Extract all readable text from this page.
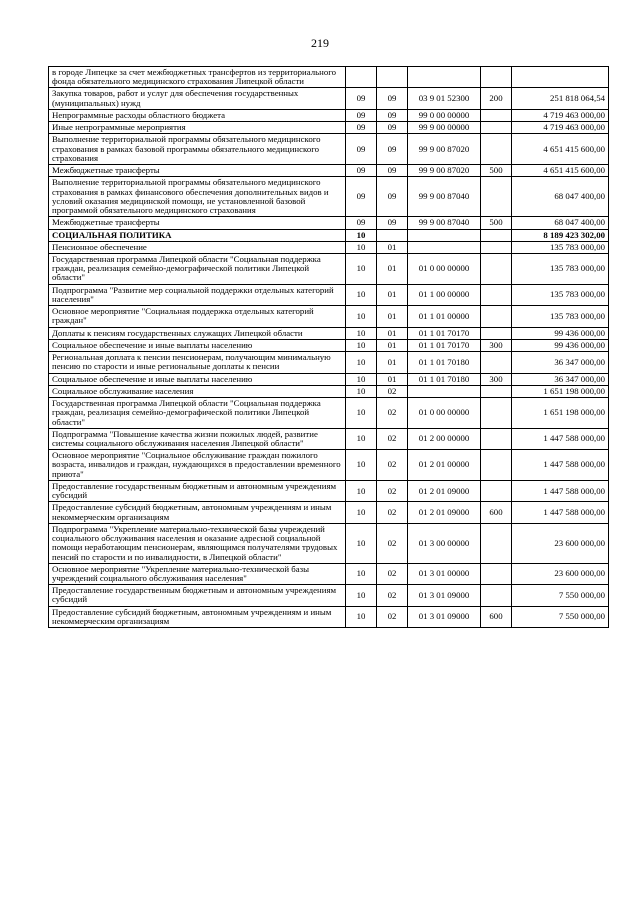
219
в городе Липецке за счет межбюджетных трансфертов из территориального фонда обязательного медицинского страхования Липецкой области					
Закупка товаров, работ и услуг для обеспечения государственных (муниципальных) нужд	09	09	03 9 01 52300	200	251 818 064,54
Непрограммные расходы областного бюджета	09	09	99 0 00 00000		4 719 463 000,00
Иные непрограммные мероприятия	09	09	99 9 00 00000		4 719 463 000,00
Выполнение территориальной программы обязательного медицинского страхования в рамках базовой программы обязательного медицинского страхования	09	09	99 9 00 87020		4 651 415 600,00
Межбюджетные трансферты	09	09	99 9 00 87020	500	4 651 415 600,00
Выполнение территориальной программы обязательного медицинского страхования в рамках финансового обеспечения дополнительных видов и условий оказания медицинской помощи, не установленной базовой программой обязательного медицинского страхования	09	09	99 9 00 87040		68 047 400,00
Межбюджетные трансферты	09	09	99 9 00 87040	500	68 047 400,00
СОЦИАЛЬНАЯ ПОЛИТИКА	10				8 189 423 302,00
Пенсионное обеспечение	10	01			135 783 000,00
Государственная программа Липецкой области "Социальная поддержка граждан, реализация семейно-демографической политики Липецкой области"	10	01	01 0 00 00000		135 783 000,00
Подпрограмма "Развитие мер социальной поддержки отдельных категорий населения"	10	01	01 1 00 00000		135 783 000,00
Основное мероприятие "Социальная поддержка отдельных категорий граждан"	10	01	01 1 01 00000		135 783 000,00
Доплаты к пенсиям государственных служащих Липецкой области	10	01	01 1 01 70170		99 436 000,00
Социальное обеспечение и иные выплаты населению	10	01	01 1 01 70170	300	99 436 000,00
Региональная доплата к пенсии пенсионерам, получающим минимальную пенсию по старости и иные региональные доплаты к пенсии	10	01	01 1 01 70180		36 347 000,00
Социальное обеспечение и иные выплаты населению	10	01	01 1 01 70180	300	36 347 000,00
Социальное обслуживание населения	10	02			1 651 198 000,00
Государственная программа Липецкой области "Социальная поддержка граждан, реализация семейно-демографической политики Липецкой области"	10	02	01 0 00 00000		1 651 198 000,00
Подпрограмма "Повышение качества жизни пожилых людей, развитие системы социального обслуживания населения Липецкой области"	10	02	01 2 00 00000		1 447 588 000,00
Основное мероприятие "Социальное обслуживание граждан пожилого возраста, инвалидов и граждан, нуждающихся в предоставлении временного приюта"	10	02	01 2 01 00000		1 447 588 000,00
Предоставление государственным бюджетным и автономным учреждениям субсидий	10	02	01 2 01 09000		1 447 588 000,00
Предоставление субсидий бюджетным, автономным учреждениям и иным некоммерческим организациям	10	02	01 2 01 09000	600	1 447 588 000,00
Подпрограмма "Укрепление материально-технической базы учреждений социального обслуживания населения и оказание адресной социальной помощи неработающим пенсионерам, являющимся получателями трудовых пенсий по старости и по инвалидности, в Липецкой области"	10	02	01 3 00 00000		23 600 000,00
Основное мероприятие "Укрепление материально-технической базы учреждений социального обслуживания населения"	10	02	01 3 01 00000		23 600 000,00
Предоставление государственным бюджетным и автономным учреждениям субсидий	10	02	01 3 01 09000		7 550 000,00
Предоставление субсидий бюджетным, автономным учреждениям и иным некоммерческим организациям	10	02	01 3 01 09000	600	7 550 000,00
